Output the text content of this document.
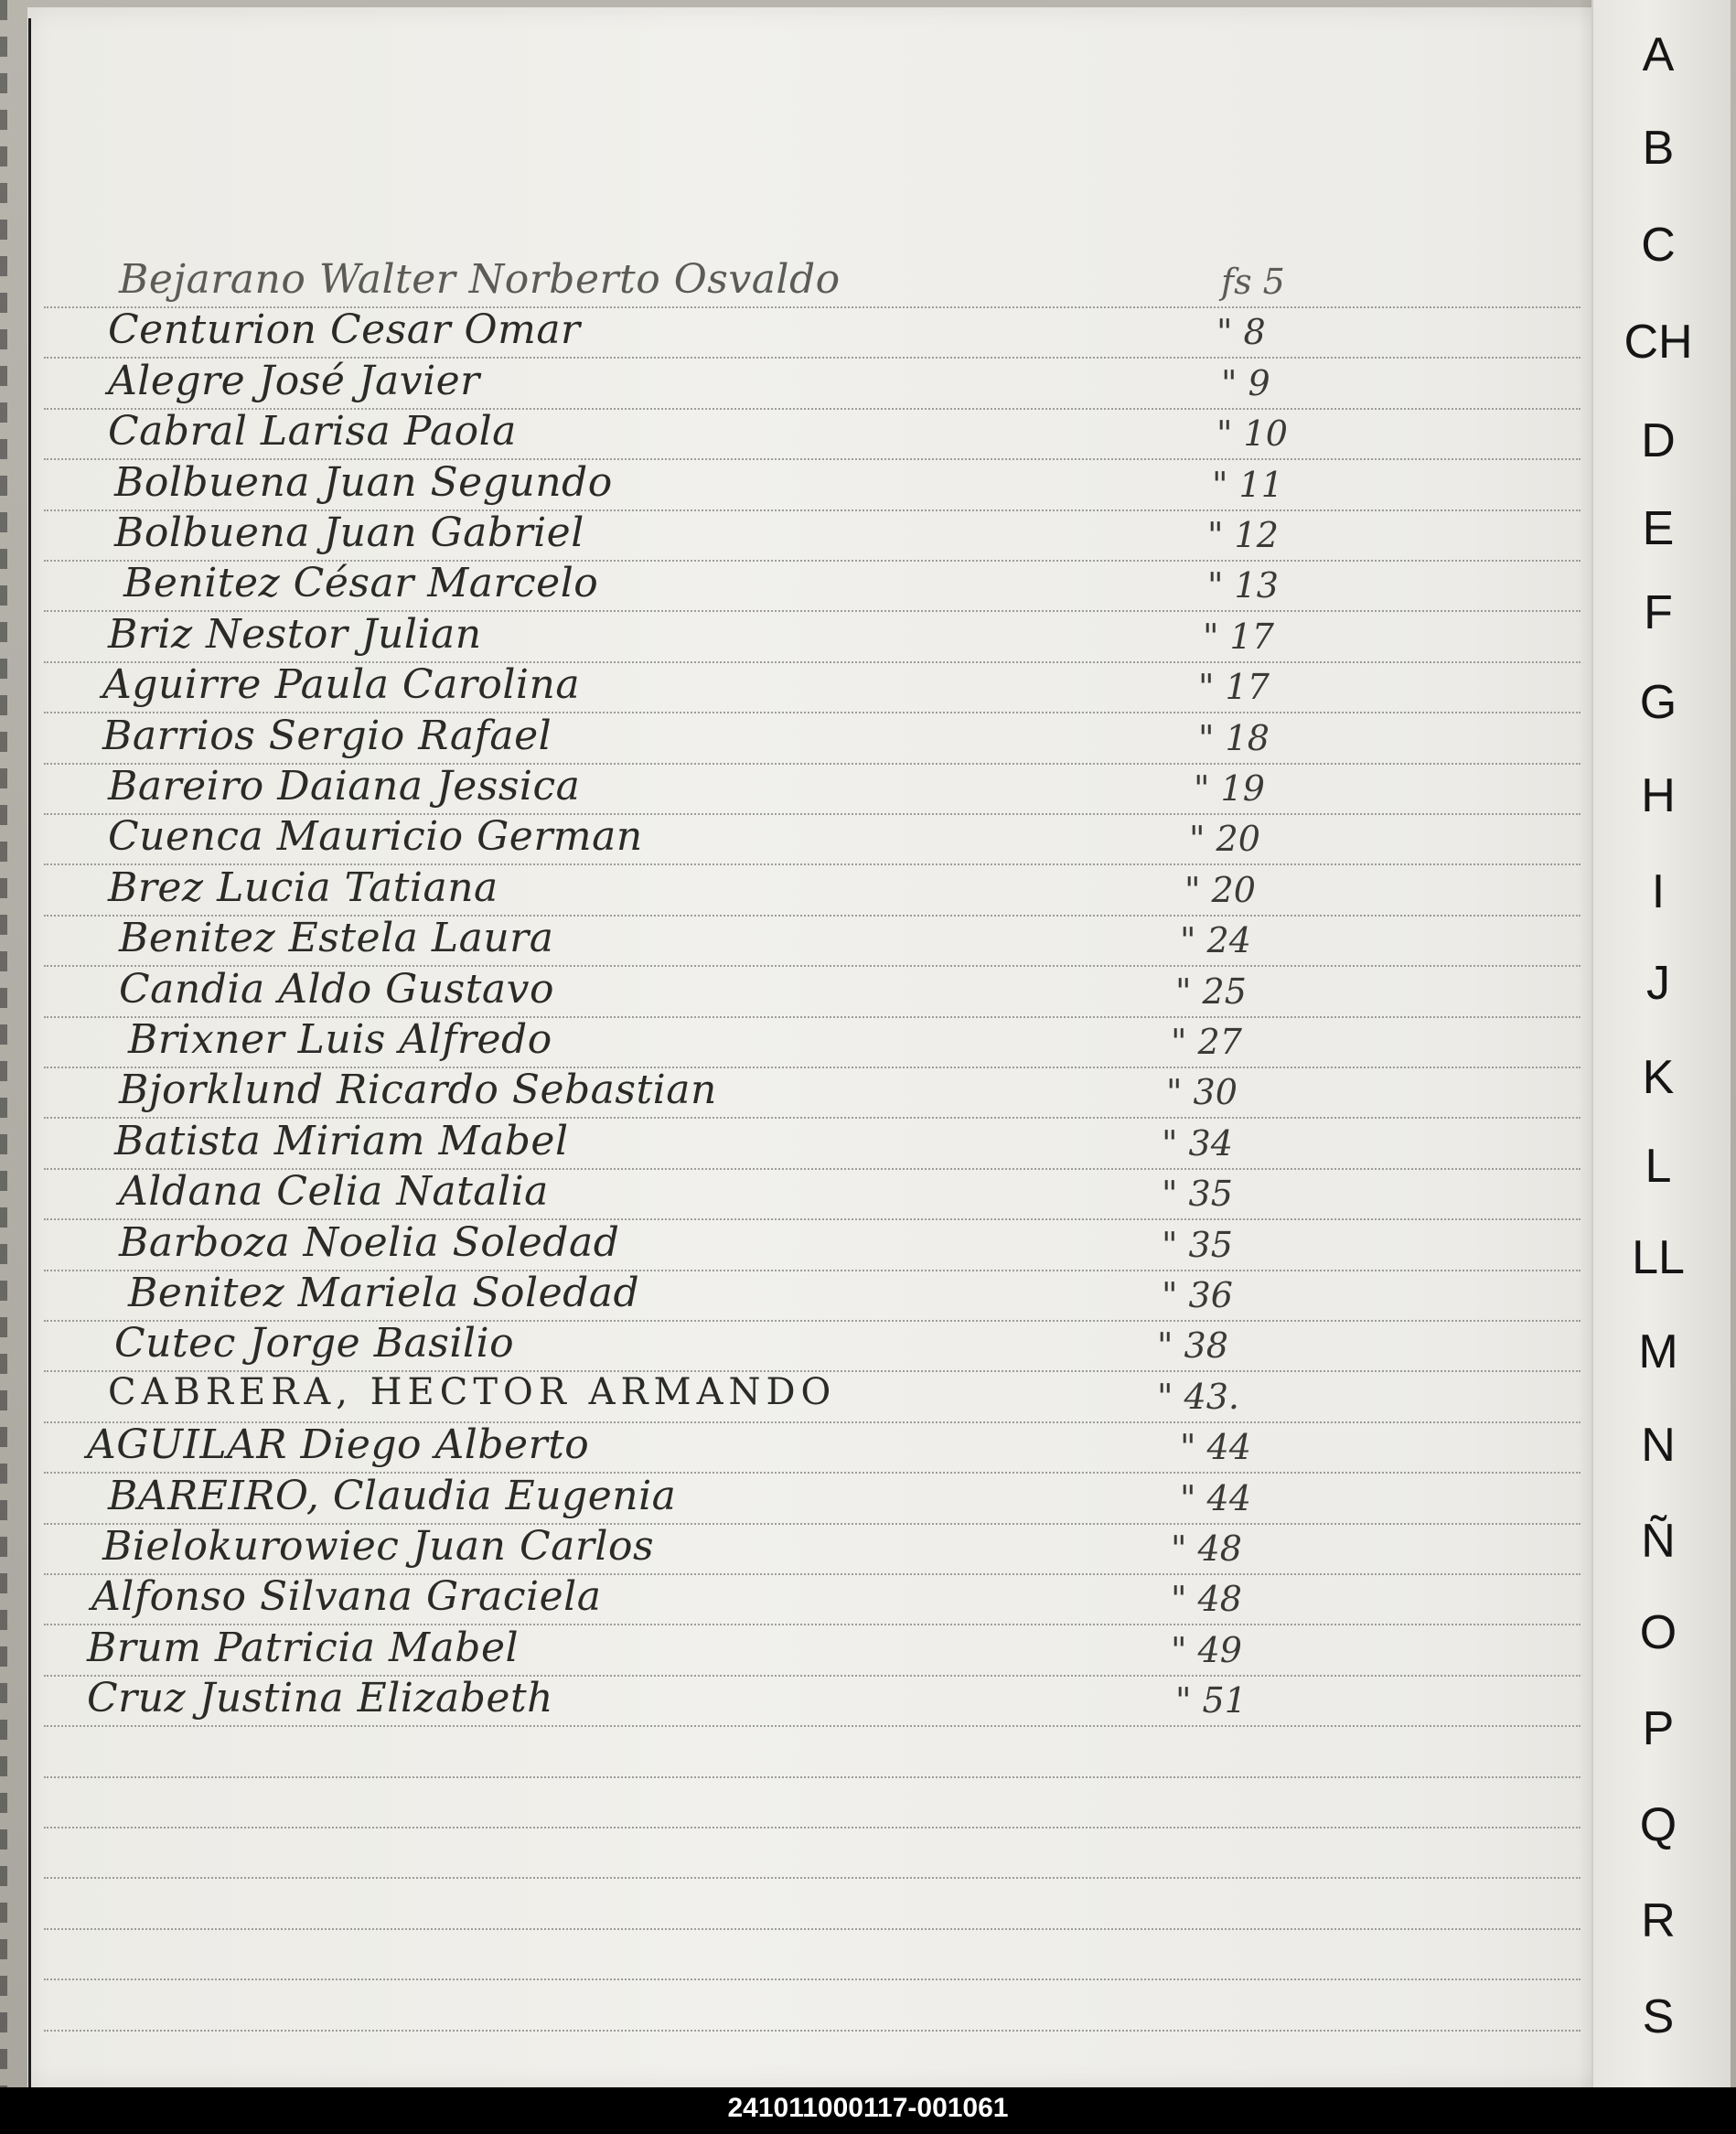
Bejarano Walter Norberto Osvaldo	fs 5
Centurion Cesar Omar	" 8
Alegre José Javier	" 9
Cabral Larisa Paola	" 10
Bolbuena Juan Segundo	" 11
Bolbuena Juan Gabriel	" 12
Benitez César Marcelo	" 13
Briz Nestor Julian	" 17
Aguirre Paula Carolina	" 17
Barrios Sergio Rafael	" 18
Bareiro Daiana Jessica	" 19
Cuenca Mauricio German	" 20
Brez Lucia Tatiana	" 20
Benitez Estela Laura	" 24
Candia Aldo Gustavo	" 25
Brixner Luis Alfredo	" 27
Bjorklund Ricardo Sebastian	" 30
Batista Miriam Mabel	" 34
Aldana Celia Natalia	" 35
Barboza Noelia Soledad	" 35
Benitez Mariela Soledad	" 36
Cutec Jorge Basilio	" 38
CABRERA, HECTOR ARMANDO	" 43.
AGUILAR Diego Alberto	" 44
BAREIRO, Claudia Eugenia	" 44
Bielokurowiec Juan Carlos	" 48
Alfonso Silvana Graciela	" 48
Brum Patricia Mabel	" 49
Cruz Justina Elizabeth	" 51
A
B
C
CH
D
E
F
G
H
I
J
K
L
LL
M
N
Ñ
O
P
Q
R
S
241011000117-001061
